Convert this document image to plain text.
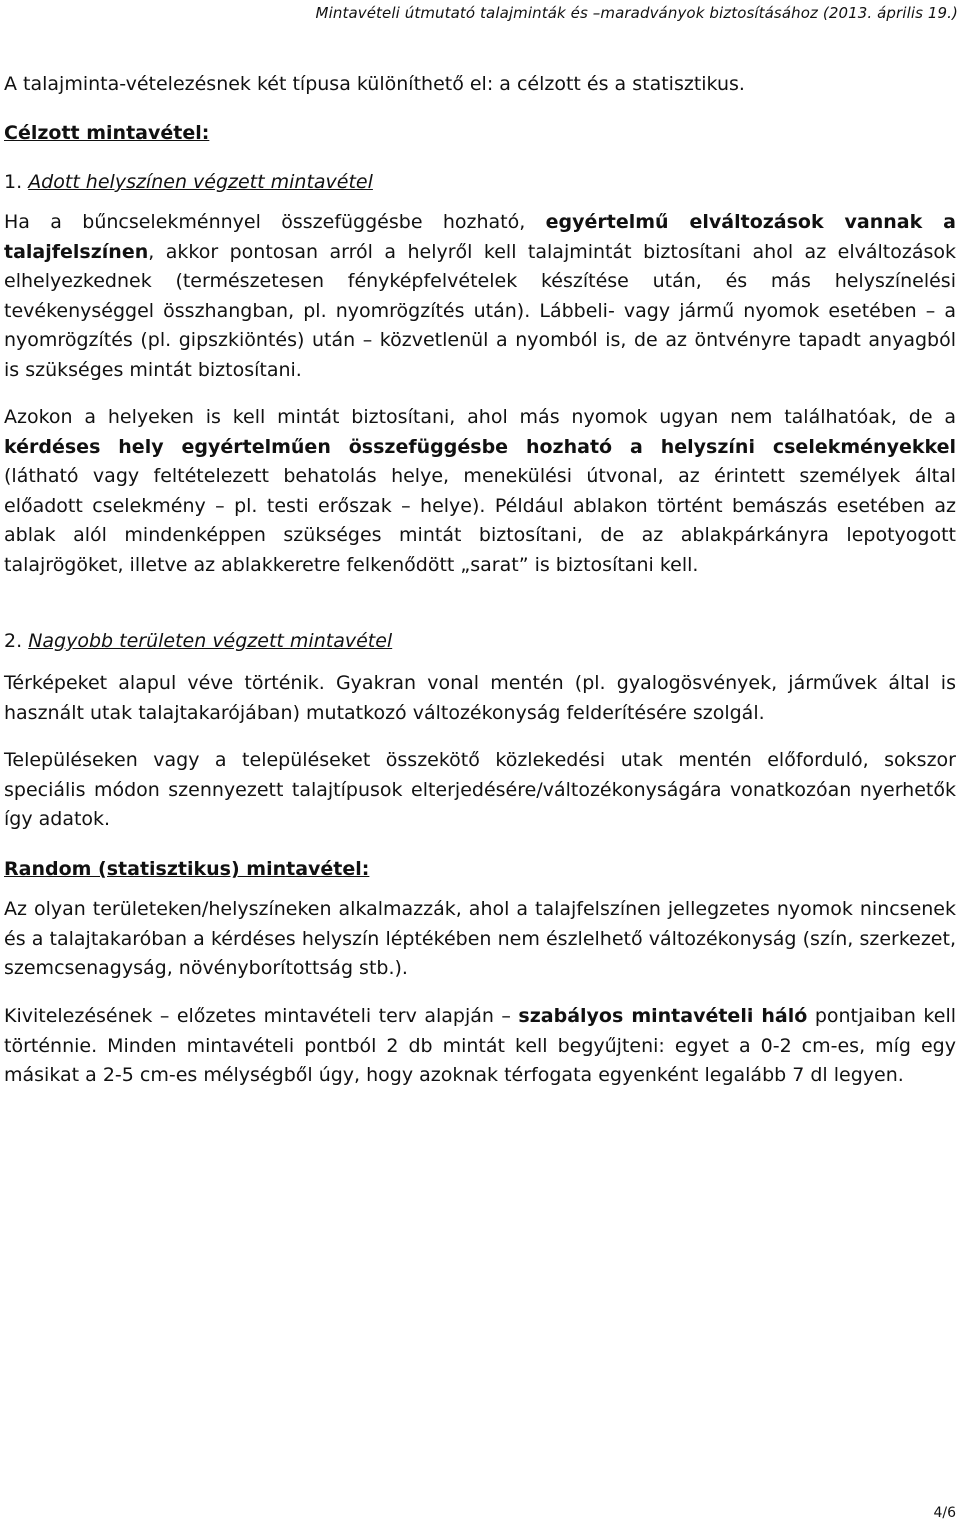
Mintavételi útmutató talajminták és –maradványok biztosításához (2013. április 19.)

A talajminta-vételezésnek két típusa különíthető el: a célzott és a statisztikus.

Célzott mintavétel:

1. Adott helyszínen végzett mintavétel

Ha a bűncselekménnyel összefüggésbe hozható, egyértelmű elváltozások vannak a talajfelszínen, akkor pontosan arról a helyről kell talajmintát biztosítani ahol az elváltozások elhelyezkednek (természetesen fényképfelvételek készítése után, és más helyszínelési tevékenységgel összhangban, pl. nyomrögzítés után). Lábbeli- vagy jármű nyomok esetében – a nyomrögzítés (pl. gipszkiöntés) után – közvetlenül a nyomból is, de az öntvényre tapadt anyagból is szükséges mintát biztosítani.

Azokon a helyeken is kell mintát biztosítani, ahol más nyomok ugyan nem találhatóak, de a kérdéses hely egyértelműen összefüggésbe hozható a helyszíni cselekményekkel (látható vagy feltételezett behatolás helye, menekülési útvonal, az érintett személyek által előadott cselekmény – pl. testi erőszak – helye). Például ablakon történt bemászás esetében az ablak alól mindenképpen szükséges mintát biztosítani, de az ablakpárkányra lepotyogott talajrögöket, illetve az ablakkeretre felkenődött „sarat” is biztosítani kell.

2. Nagyobb területen végzett mintavétel

Térképeket alapul véve történik. Gyakran vonal mentén (pl. gyalogösvények, járművek által is használt utak talajtakarójában) mutatkozó változékonyság felderítésére szolgál.

Településeken vagy a településeket összekötő közlekedési utak mentén előforduló, sokszor speciális módon szennyezett talajtípusok elterjedésére/változékonyságára vonatkozóan nyerhetők így adatok.

Random (statisztikus) mintavétel:

Az olyan területeken/helyszíneken alkalmazzák, ahol a talajfelszínen jellegzetes nyomok nincsenek és a talajtakaróban a kérdéses helyszín léptékében nem észlelhető változékonyság (szín, szerkezet, szemcsenagyság, növényborítottság stb.).

Kivitelezésének – előzetes mintavételi terv alapján – szabályos mintavételi háló pontjaiban kell történnie. Minden mintavételi pontból 2 db mintát kell begyűjteni: egyet a 0-2 cm-es, míg egy másikat a 2-5 cm-es mélységből úgy, hogy azoknak térfogata egyenként legalább 7 dl legyen.

4/6
